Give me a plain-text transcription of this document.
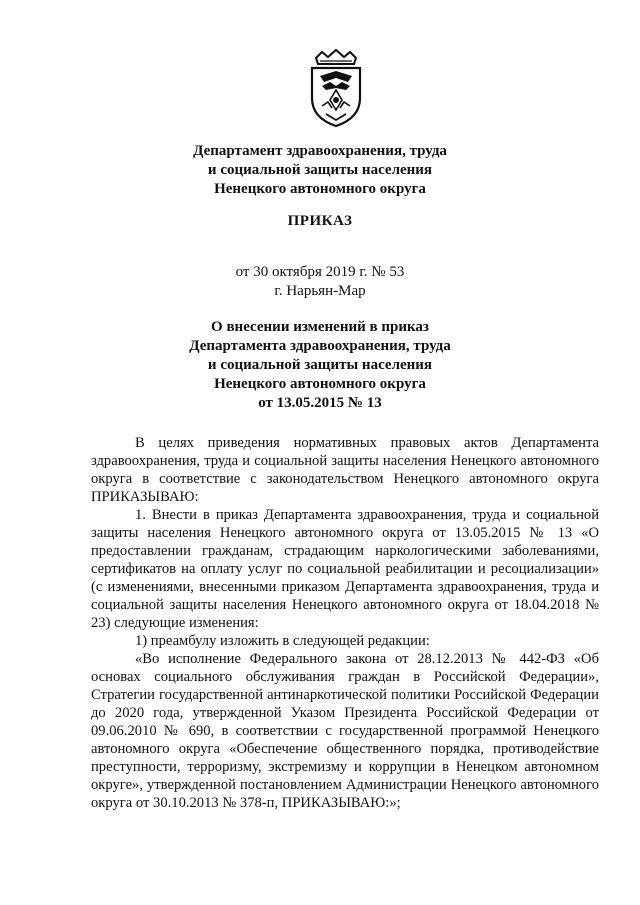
Департамент здравоохранения, труда
и социальной защиты населения
Ненецкого автономного округа
ПРИКАЗ
от 30 октября 2019 г. № 53
г. Нарьян-Мар
О внесении изменений в приказ
Департамента здравоохранения, труда
и социальной защиты населения
Ненецкого автономного округа
от 13.05.2015 № 13

В целях приведения нормативных правовых актов Департамента здравоохранения, труда и социальной защиты населения Ненецкого автономного округа в соответствие с законодательством Ненецкого автономного округа ПРИКАЗЫВАЮ:

1. Внести в приказ Департамента здравоохранения, труда и социальной защиты населения Ненецкого автономного округа от 13.05.2015 № 13 «О предоставлении гражданам, страдающим наркологическими заболеваниями, сертификатов на оплату услуг по социальной реабилитации и ресоциализации» (с изменениями, внесенными приказом Департамента здравоохранения, труда и социальной защиты населения Ненецкого автономного округа от 18.04.2018 № 23) следующие изменения:

1) преамбулу изложить в следующей редакции:

«Во исполнение Федерального закона от 28.12.2013 № 442-ФЗ «Об основах социального обслуживания граждан в Российской Федерации», Стратегии государственной антинаркотической политики Российской Федерации до 2020 года, утвержденной Указом Президента Российской Федерации от 09.06.2010 № 690, в соответствии с государственной программой Ненецкого автономного округа «Обеспечение общественного порядка, противодействие преступности, терроризму, экстремизму и коррупции в Ненецком автономном округе», утвержденной постановлением Администрации Ненецкого автономного округа от 30.10.2013 № 378-п, ПРИКАЗЫВАЮ:»;
